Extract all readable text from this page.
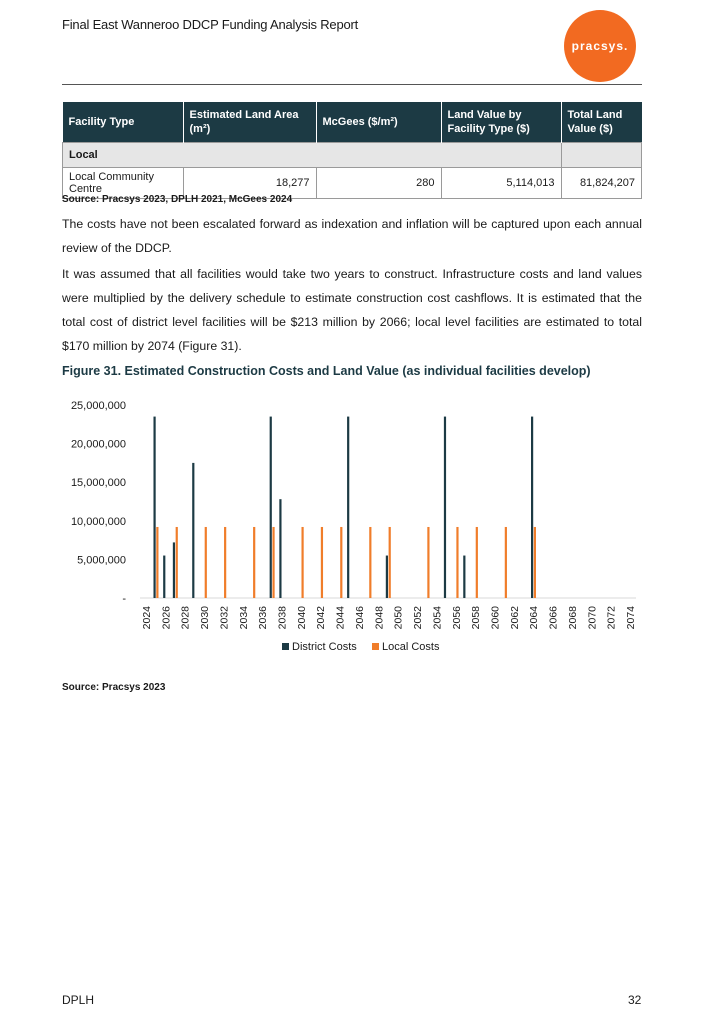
Final East Wanneroo DDCP Funding Analysis Report
pracsys.
Facility Type	Estimated Land Area (m²)	McGees ($/m²)	Land Value by Facility Type ($)	Total Land Value ($)
Local				
Local Community Centre	18,277	280	5,114,013	81,824,207
Source: Pracsys 2023, DPLH 2021, McGees 2024
The costs have not been escalated forward as indexation and inflation will be captured upon each annual review of the DDCP.
It was assumed that all facilities would take two years to construct. Infrastructure costs and land values were multiplied by the delivery schedule to estimate construction cost cashflows. It is estimated that the total cost of district level facilities will be $213 million by 2066; local level facilities are estimated to total $170 million by 2074 (Figure 31).
Figure 31. Estimated Construction Costs and Land Value (as individual facilities develop)
25,000,000
20,000,000
15,000,000
10,000,000
5,000,000
-
2024 2026 2028 2030 2032 2034 2036 2038 2040 2042 2044 2046 2048 2050 2052 2054 2056 2058 2060 2062 2064 2066 2068 2070 2072 2074
District Costs Local Costs
Source: Pracsys 2023
DPLH	32
